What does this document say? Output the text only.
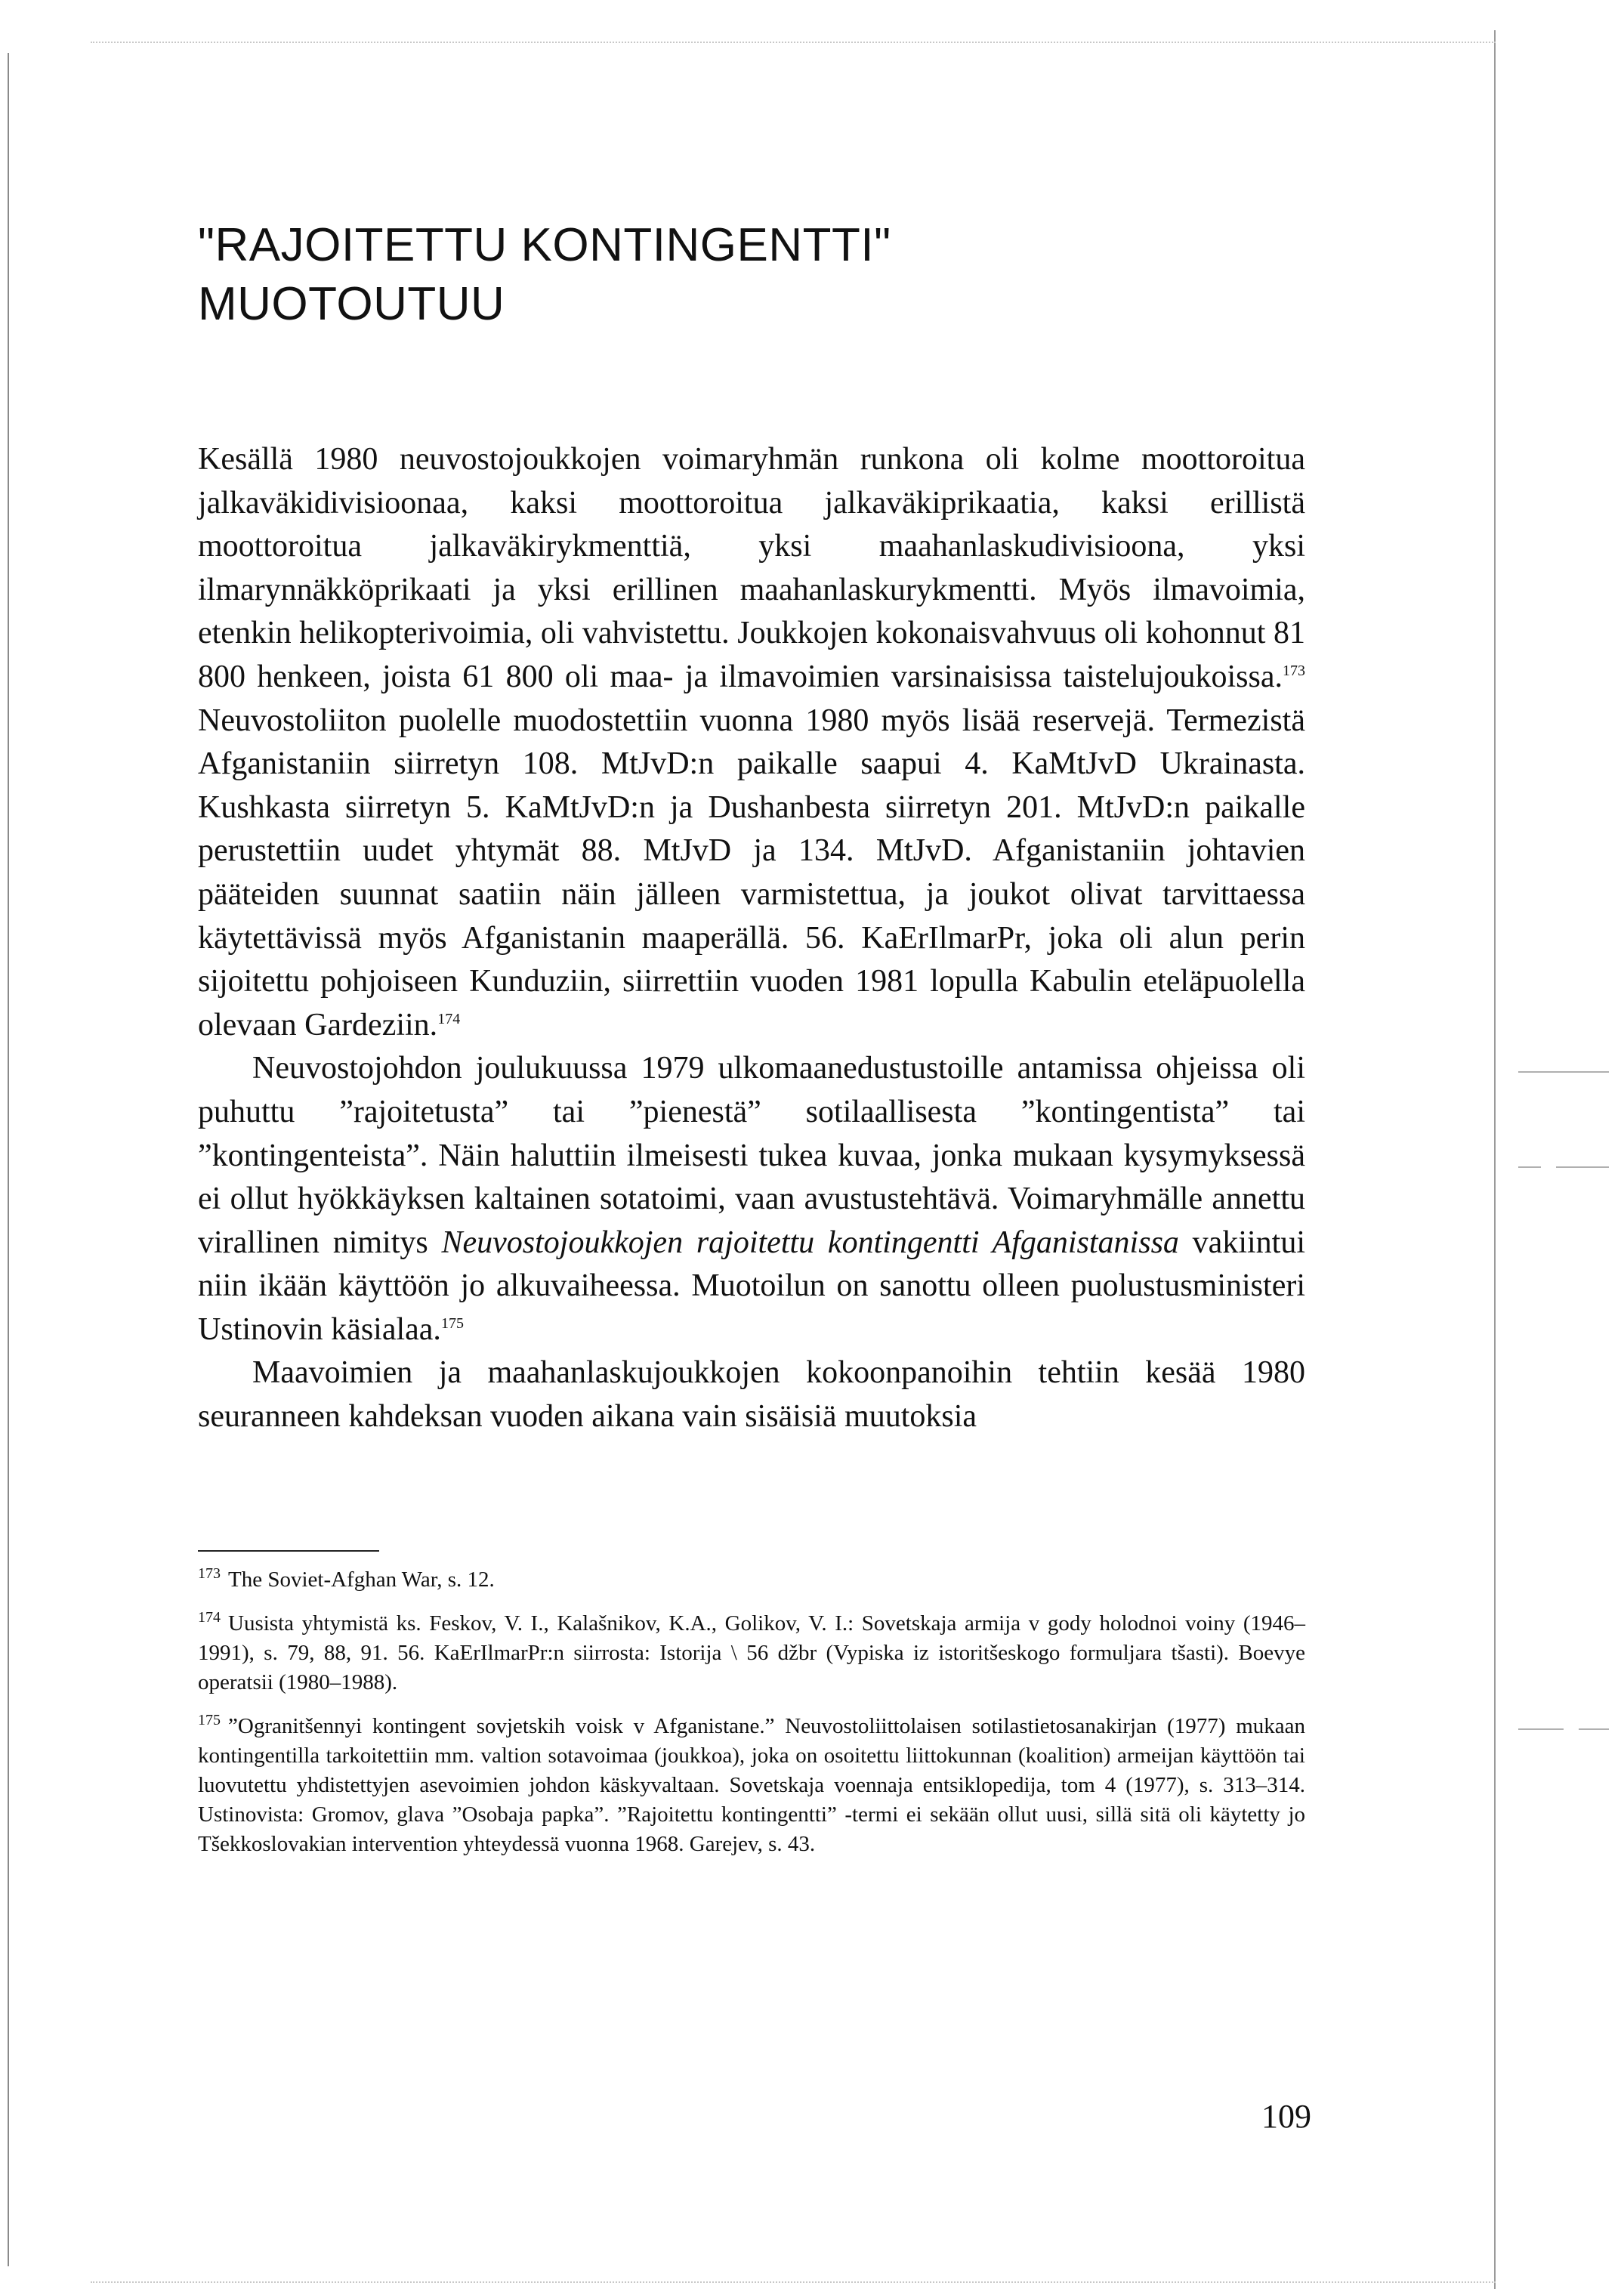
"RAJOITETTU KONTINGENTTI"
MUOTOUTUU

Kesällä 1980 neuvostojoukkojen voimaryhmän runkona oli kolme moottoroitua jalkaväkidivisioonaa, kaksi moottoroitua jalkaväkiprikaatia, kaksi erillistä moottoroitua jalkaväkirykmenttiä, yksi maahanlaskudivisioona, yksi ilmarynnäkköprikaati ja yksi erillinen maahanlaskurykmentti. Myös ilmavoimia, etenkin helikopterivoimia, oli vahvistettu. Joukkojen kokonaisvahvuus oli kohonnut 81 800 henkeen, joista 61 800 oli maa- ja ilmavoimien varsinaisissa taistelujoukoissa.$^{173}$ Neuvostoliiton puolelle muodostettiin vuonna 1980 myös lisää reservejä. Termezistä Afganistaniin siirretyn 108. MtJvD:n paikalle saapui 4. KaMtJvD Ukrainasta. Kushkasta siirretyn 5. KaMtJvD:n ja Dushanbesta siirretyn 201. MtJvD:n paikalle perustettiin uudet yhtymät 88. MtJvD ja 134. MtJvD. Afganistaniin johtavien pääteiden suunnat saatiin näin jälleen varmistettua, ja joukot olivat tarvittaessa käytettävissä myös Afganistanin maaperällä. 56. KaErIlmarPr, joka oli alun perin sijoitettu pohjoiseen Kunduziin, siirrettiin vuoden 1981 lopulla Kabulin eteläpuolella olevaan Gardeziin.$^{174}$

Neuvostojohdon joulukuussa 1979 ulkomaanedustustoille antamissa ohjeissa oli puhuttu ”rajoitetusta” tai ”pienestä” sotilaallisesta ”kontingentista” tai ”kontingenteista”. Näin haluttiin ilmeisesti tukea kuvaa, jonka mukaan kysymyksessä ei ollut hyökkäyksen kaltainen sotatoimi, vaan avustustehtävä. Voimaryhmälle annettu virallinen nimitys Neuvostojoukkojen rajoitettu kontingentti Afganistanissa vakiintui niin ikään käyttöön jo alkuvaiheessa. Muotoilun on sanottu olleen puolustusministeri Ustinovin käsialaa.$^{175}$

Maavoimien ja maahanlaskujoukkojen kokoonpanoihin tehtiin kesää 1980 seuranneen kahdeksan vuoden aikana vain sisäisiä muutoksia

$^{173}$ The Soviet-Afghan War, s. 12.

$^{174}$ Uusista yhtymistä ks. Feskov, V. I., Kalašnikov, K.A., Golikov, V. I.: Sovetskaja armija v gody holodnoi voiny (1946–1991), s. 79, 88, 91. 56. KaErIlmarPr:n siirrosta: Istorija \ 56 džbr (Vypiska iz istoritšeskogo formuljara tšasti). Boevye operatsii (1980–1988).

$^{175}$ ”Ogranitšennyi kontingent sovjetskih voisk v Afganistane.” Neuvostoliittolaisen sotilastietosanakirjan (1977) mukaan kontingentilla tarkoitettiin mm. valtion sotavoimaa (joukkoa), joka on osoitettu liittokunnan (koalition) armeijan käyttöön tai luovutettu yhdistettyjen asevoimien johdon käskyvaltaan. Sovetskaja voennaja entsiklopedija, tom 4 (1977), s. 313–314. Ustinovista: Gromov, glava ”Osobaja papka”. ”Rajoitettu kontingentti” -termi ei sekään ollut uusi, sillä sitä oli käytetty jo Tšekkoslovakian intervention yhteydessä vuonna 1968. Garejev, s. 43.

109
